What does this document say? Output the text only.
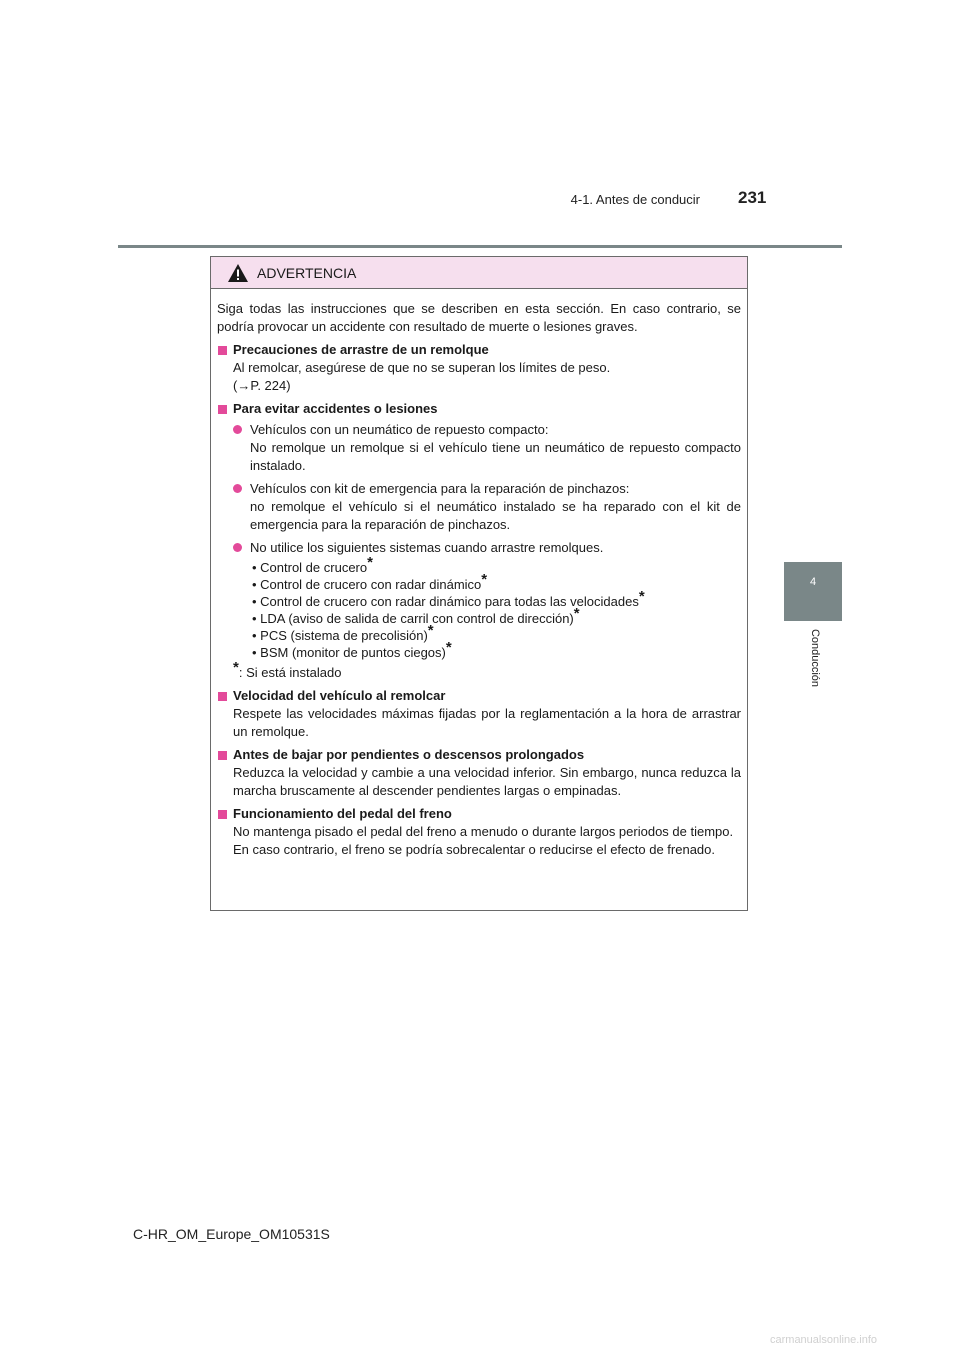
4-1. Antes de conducir 231
4
Conducción
ADVERTENCIA

Siga todas las instrucciones que se describen en esta sección. En caso contrario, se podría provocar un accidente con resultado de muerte o lesiones graves.

Precauciones de arrastre de un remolque

Al remolcar, asegúrese de que no se superan los límites de peso.

(→P. 224)

Para evitar accidentes o lesiones
Vehículos con un neumático de repuesto compacto:
No remolque un remolque si el vehículo tiene un neumático de repuesto compacto instalado.
Vehículos con kit de emergencia para la reparación de pinchazos:
no remolque el vehículo si el neumático instalado se ha reparado con el kit de emergencia para la reparación de pinchazos.
No utilice los siguientes sistemas cuando arrastre remolques.
• Control de crucero*
• Control de crucero con radar dinámico*
• Control de crucero con radar dinámico para todas las velocidades*
• LDA (aviso de salida de carril con control de dirección)*
• PCS (sistema de precolisión)*
• BSM (monitor de puntos ciegos)*
*: Si está instalado
Velocidad del vehículo al remolcar

Respete las velocidades máximas fijadas por la reglamentación a la hora de arrastrar un remolque.

Antes de bajar por pendientes o descensos prolongados

Reduzca la velocidad y cambie a una velocidad inferior. Sin embargo, nunca reduzca la marcha bruscamente al descender pendientes largas o empinadas.

Funcionamiento del pedal del freno

No mantenga pisado el pedal del freno a menudo o durante largos periodos de tiempo.

En caso contrario, el freno se podría sobrecalentar o reducirse el efecto de frenado.

C-HR_OM_Europe_OM10531S
carmanualsonline.info
